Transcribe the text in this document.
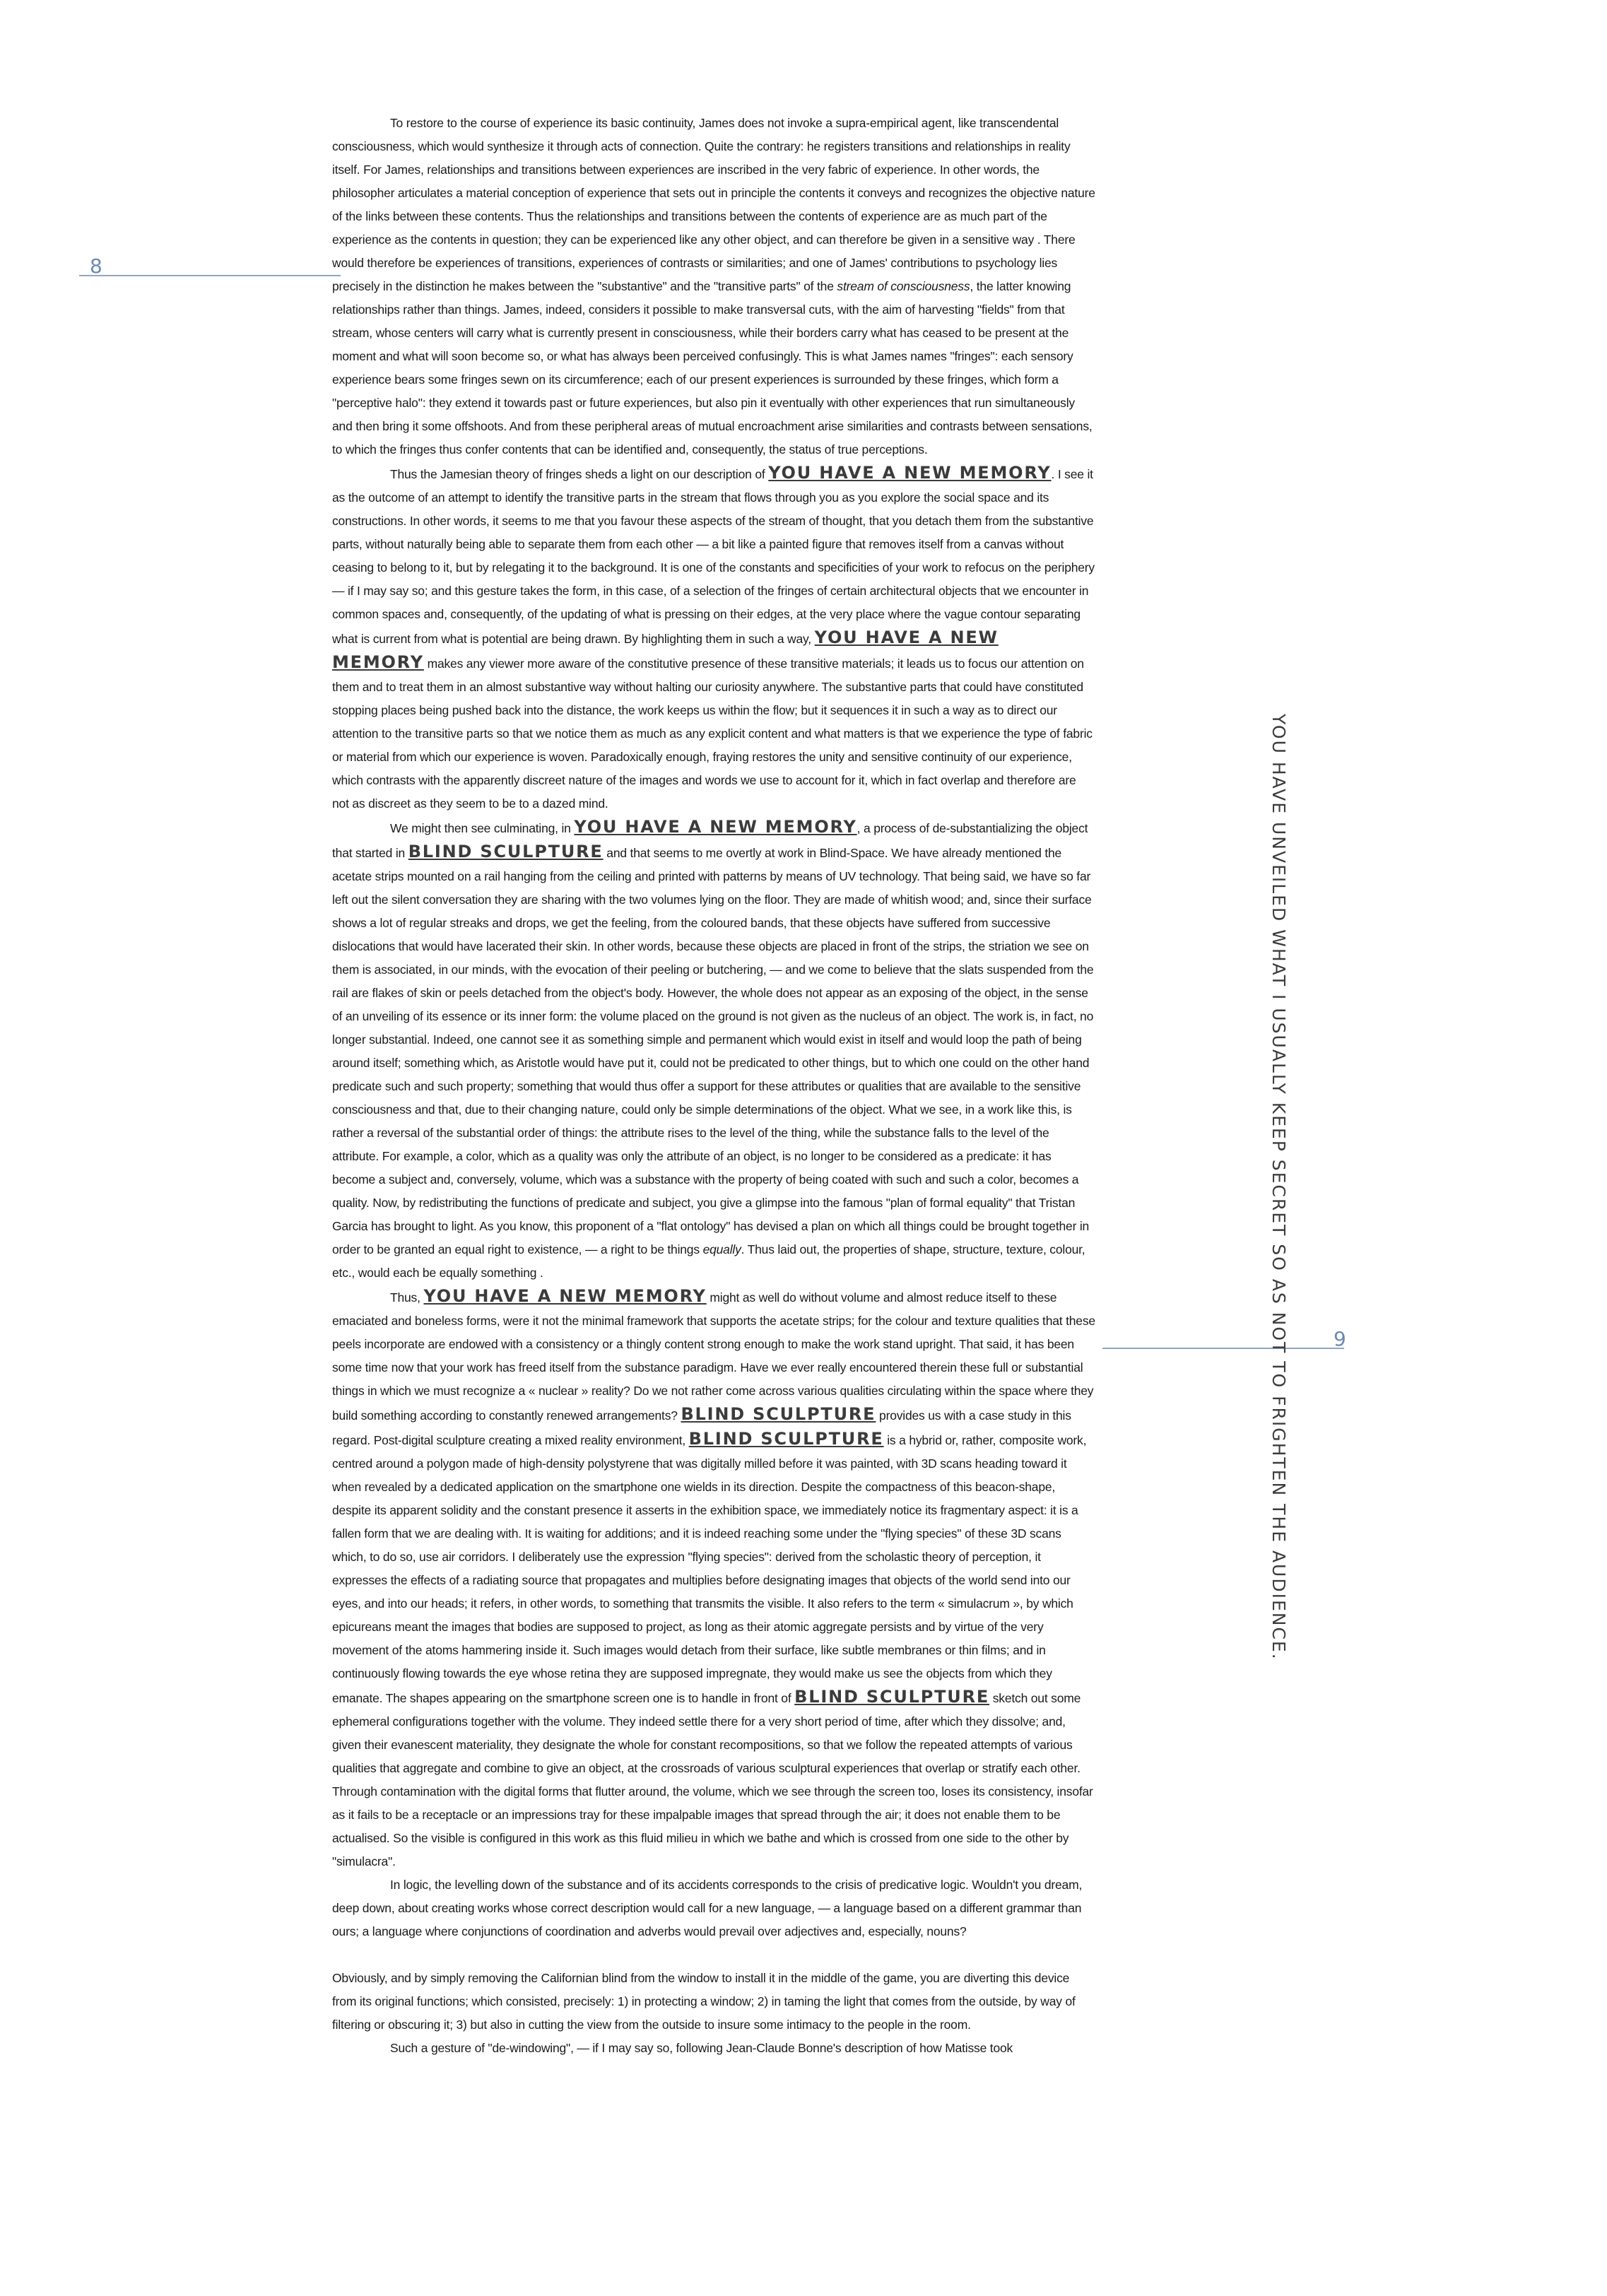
8
9
YOU HAVE UNVEILED WHAT I USUALLY KEEP SECRET SO AS NOT TO FRIGHTEN THE AUDIENCE.

To restore to the course of experience its basic continuity, James does not invoke a supra-empirical agent, like transcendental consciousness, which would synthesize it through acts of connection. Quite the contrary: he registers transitions and relationships in reality itself. For James, relationships and transitions between experiences are inscribed in the very fabric of experience. In other words, the philosopher articulates a material conception of experience that sets out in principle the contents it conveys and recognizes the objective nature of the links between these contents. Thus the relationships and transitions between the contents of experience are as much part of the experience as the contents in question; they can be experienced like any other object, and can therefore be given in a sensitive way . There would therefore be experiences of transitions, experiences of contrasts or similarities; and one of James' contributions to psychology lies precisely in the distinction he makes between the "substantive" and the "transitive parts" of the stream of consciousness, the latter knowing relationships rather than things. James, indeed, considers it possible to make transversal cuts, with the aim of harvesting "fields" from that stream, whose centers will carry what is currently present in consciousness, while their borders carry what has ceased to be present at the moment and what will soon become so, or what has always been perceived confusingly. This is what James names "fringes": each sensory experience bears some fringes sewn on its circumference; each of our present experiences is surrounded by these fringes, which form a "perceptive halo": they extend it towards past or future experiences, but also pin it eventually with other experiences that run simultaneously and then bring it some offshoots. And from these peripheral areas of mutual encroachment arise similarities and contrasts between sensations, to which the fringes thus confer contents that can be identified and, consequently, the status of true perceptions.

Thus the Jamesian theory of fringes sheds a light on our description of YOU HAVE A NEW MEMORY. I see it as the outcome of an attempt to identify the transitive parts in the stream that flows through you as you explore the social space and its constructions. In other words, it seems to me that you favour these aspects of the stream of thought, that you detach them from the substantive parts, without naturally being able to separate them from each other — a bit like a painted figure that removes itself from a canvas without ceasing to belong to it, but by relegating it to the background. It is one of the constants and specificities of your work to refocus on the periphery — if I may say so; and this gesture takes the form, in this case, of a selection of the fringes of certain architectural objects that we encounter in common spaces and, consequently, of the updating of what is pressing on their edges, at the very place where the vague contour separating what is current from what is potential are being drawn. By highlighting them in such a way, YOU HAVE A NEW MEMORY makes any viewer more aware of the constitutive presence of these transitive materials; it leads us to focus our attention on them and to treat them in an almost substantive way without halting our curiosity anywhere. The substantive parts that could have constituted stopping places being pushed back into the distance, the work keeps us within the flow; but it sequences it in such a way as to direct our attention to the transitive parts so that we notice them as much as any explicit content and what matters is that we experience the type of fabric or material from which our experience is woven. Paradoxically enough, fraying restores the unity and sensitive continuity of our experience, which contrasts with the apparently discreet nature of the images and words we use to account for it, which in fact overlap and therefore are not as discreet as they seem to be to a dazed mind.

We might then see culminating, in YOU HAVE A NEW MEMORY, a process of de-substantializing the object that started in BLIND SCULPTURE and that seems to me overtly at work in Blind-Space. We have already mentioned the acetate strips mounted on a rail hanging from the ceiling and printed with patterns by means of UV technology. That being said, we have so far left out the silent conversation they are sharing with the two volumes lying on the floor. They are made of whitish wood; and, since their surface shows a lot of regular streaks and drops, we get the feeling, from the coloured bands, that these objects have suffered from successive dislocations that would have lacerated their skin. In other words, because these objects are placed in front of the strips, the striation we see on them is associated, in our minds, with the evocation of their peeling or butchering, — and we come to believe that the slats suspended from the rail are flakes of skin or peels detached from the object's body. However, the whole does not appear as an exposing of the object, in the sense of an unveiling of its essence or its inner form: the volume placed on the ground is not given as the nucleus of an object. The work is, in fact, no longer substantial. Indeed, one cannot see it as something simple and permanent which would exist in itself and would loop the path of being around itself; something which, as Aristotle would have put it, could not be predicated to other things, but to which one could on the other hand predicate such and such property; something that would thus offer a support for these attributes or qualities that are available to the sensitive consciousness and that, due to their changing nature, could only be simple determinations of the object. What we see, in a work like this, is rather a reversal of the substantial order of things: the attribute rises to the level of the thing, while the substance falls to the level of the attribute. For example, a color, which as a quality was only the attribute of an object, is no longer to be considered as a predicate: it has become a subject and, conversely, volume, which was a substance with the property of being coated with such and such a color, becomes a quality. Now, by redistributing the functions of predicate and subject, you give a glimpse into the famous "plan of formal equality" that Tristan Garcia has brought to light. As you know, this proponent of a "flat ontology" has devised a plan on which all things could be brought together in order to be granted an equal right to existence, — a right to be things equally. Thus laid out, the properties of shape, structure, texture, colour, etc., would each be equally something .

Thus, YOU HAVE A NEW MEMORY might as well do without volume and almost reduce itself to these emaciated and boneless forms, were it not the minimal framework that supports the acetate strips; for the colour and texture qualities that these peels incorporate are endowed with a consistency or a thingly content strong enough to make the work stand upright. That said, it has been some time now that your work has freed itself from the substance paradigm. Have we ever really encountered therein these full or substantial things in which we must recognize a « nuclear » reality? Do we not rather come across various qualities circulating within the space where they build something according to constantly renewed arrangements? BLIND SCULPTURE provides us with a case study in this regard. Post-digital sculpture creating a mixed reality environment, BLIND SCULPTURE is a hybrid or, rather, composite work, centred around a polygon made of high-density polystyrene that was digitally milled before it was painted, with 3D scans heading toward it when revealed by a dedicated application on the smartphone one wields in its direction. Despite the compactness of this beacon-shape, despite its apparent solidity and the constant presence it asserts in the exhibition space, we immediately notice its fragmentary aspect: it is a fallen form that we are dealing with. It is waiting for additions; and it is indeed reaching some under the "flying species" of these 3D scans which, to do so, use air corridors. I deliberately use the expression "flying species": derived from the scholastic theory of perception, it expresses the effects of a radiating source that propagates and multiplies before designating images that objects of the world send into our eyes, and into our heads; it refers, in other words, to something that transmits the visible. It also refers to the term « simulacrum », by which epicureans meant the images that bodies are supposed to project, as long as their atomic aggregate persists and by virtue of the very movement of the atoms hammering inside it. Such images would detach from their surface, like subtle membranes or thin films; and in continuously flowing towards the eye whose retina they are supposed impregnate, they would make us see the objects from which they emanate. The shapes appearing on the smartphone screen one is to handle in front of BLIND SCULPTURE sketch out some ephemeral configurations together with the volume. They indeed settle there for a very short period of time, after which they dissolve; and, given their evanescent materiality, they designate the whole for constant recompositions, so that we follow the repeated attempts of various qualities that aggregate and combine to give an object, at the crossroads of various sculptural experiences that overlap or stratify each other. Through contamination with the digital forms that flutter around, the volume, which we see through the screen too, loses its consistency, insofar as it fails to be a receptacle or an impressions tray for these impalpable images that spread through the air; it does not enable them to be actualised. So the visible is configured in this work as this fluid milieu in which we bathe and which is crossed from one side to the other by "simulacra".

In logic, the levelling down of the substance and of its accidents corresponds to the crisis of predicative logic. Wouldn't you dream, deep down, about creating works whose correct description would call for a new language, — a language based on a different grammar than ours; a language where conjunctions of coordination and adverbs would prevail over adjectives and, especially, nouns?

Obviously, and by simply removing the Californian blind from the window to install it in the middle of the game, you are diverting this device from its original functions; which consisted, precisely: 1) in protecting a window; 2) in taming the light that comes from the outside, by way of filtering or obscuring it; 3) but also in cutting the view from the outside to insure some intimacy to the people in the room.

Such a gesture of "de-windowing", — if I may say so, following Jean-Claude Bonne's description of how Matisse took
